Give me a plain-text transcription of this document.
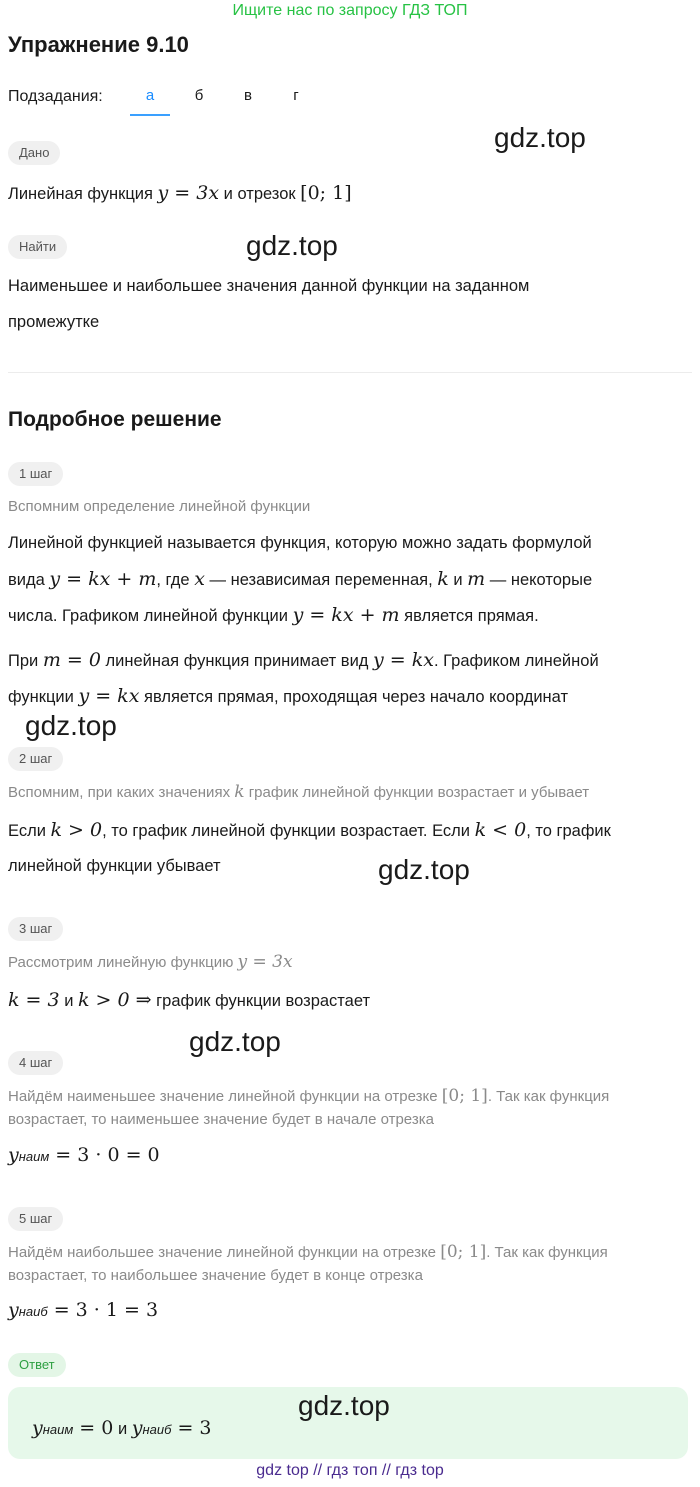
Ищите нас по запросу ГДЗ ТОП
Упражнение 9.10
Подзадания:	а	б	в	г
gdz.top
Дано
Линейная функция y = 3x и отрезок [0; 1]
Найти	gdz.top
Наименьшее и наибольшее значения данной функции на заданном
промежутке
Подробное решение
1 шаг
Вспомним определение линейной функции
Линейной функцией называется функция, которую можно задать формулой
вида y = kx + m, где x — независимая переменная, k и m — некоторые
числа. Графиком линейной функции y = kx + m является прямая.
При m = 0 линейная функция принимает вид y = kx. Графиком линейной
функции y = kx является прямая, проходящая через начало координат
gdz.top
2 шаг
Вспомним, при каких значениях k график линейной функции возрастает и убывает
Если k > 0, то график линейной функции возрастает. Если k < 0, то график
линейной функции убывает	gdz.top
3 шаг
Рассмотрим линейную функцию y = 3x
k = 3 и k > 0 ⇒ график функции возрастает
gdz.top
4 шаг
Найдём наименьшее значение линейной функции на отрезке [0; 1]. Так как функция
возрастает, то наименьшее значение будет в начале отрезка
yнаим = 3 · 0 = 0
5 шаг
Найдём наибольшее значение линейной функции на отрезке [0; 1]. Так как функция
возрастает, то наибольшее значение будет в конце отрезка
yнаиб = 3 · 1 = 3
Ответ
gdz.top
yнаим = 0 и yнаиб = 3
gdz top // гдз топ // гдз top
